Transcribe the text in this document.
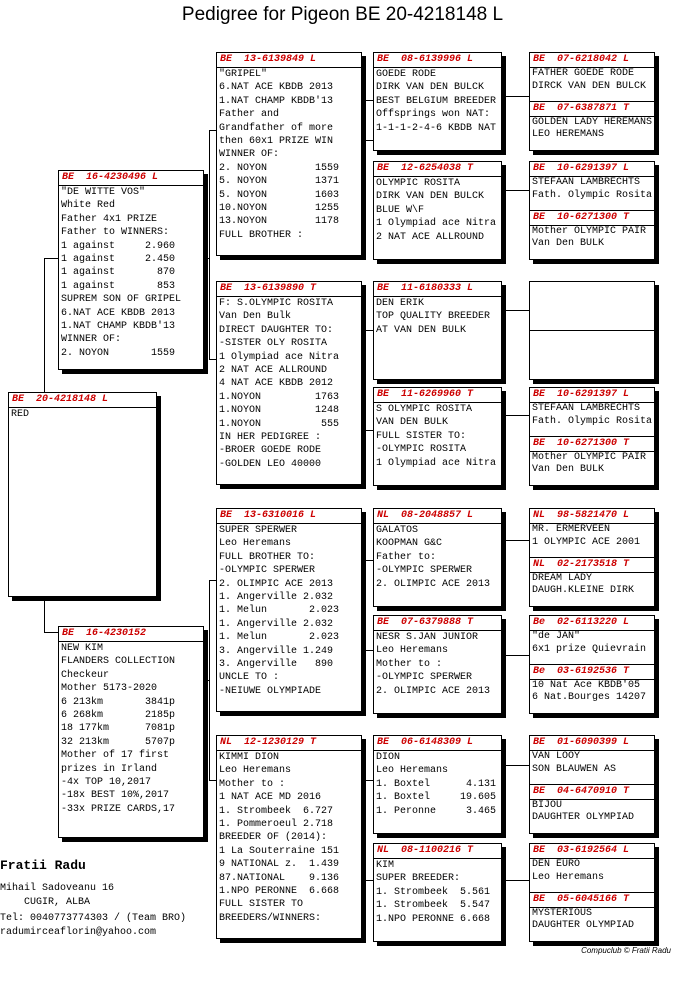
Pedigree for Pigeon BE 20-4218148 L
BE  20-4218148 L
RED
BE  16-4230496 L
"DE WITTE VOS"
White Red
Father 4x1 PRIZE
Father to WINNERS:
1 against     2.960
1 against     2.450
1 against       870
1 against       853
SUPREM SON OF GRIPEL
6.NAT ACE KBDB 2013
1.NAT CHAMP KBDB'13
WINNER OF:
2. NOYON       1559
BE  16-4230152
NEW KIM
FLANDERS COLLECTION
Checkeur
Mother 5173-2020
6 213km       3841p
6 268km       2185p
18 177km      7081p
32 213km      5707p
Mother of 17 first
prizes in Irland
-4x TOP 10,2017
-18x BEST 10%,2017
-33x PRIZE CARDS,17
BE  13-6139849 L
"GRIPEL"
6.NAT ACE KBDB 2013
1.NAT CHAMP KBDB'13
Father and
Grandfather of more
then 60x1 PRIZE WIN
WINNER OF:
2. NOYON        1559
5. NOYON        1371
5. NOYON        1603
10.NOYON        1255
13.NOYON        1178
FULL BROTHER :
BE  13-6139890 T
F: S.OLYMPIC ROSITA
Van Den Bulk
DIRECT DAUGHTER TO:
-SISTER OLY ROSITA
1 Olympiad ace Nitra
2 NAT ACE ALLROUND
4 NAT ACE KBDB 2012
1.NOYON         1763
1.NOYON         1248
1.NOYON          555
IN HER PEDIGREE :
-BROER GOEDE RODE
-GOLDEN LEO 40000
BE  13-6310016 L
SUPER SPERWER
Leo Heremans
FULL BROTHER TO:
-OLYMPIC SPERWER
2. OLIMPIC ACE 2013
1. Angerville 2.032
1. Melun       2.023
1. Angerville 2.032
1. Melun       2.023
3. Angerville 1.249
3. Angerville   890
UNCLE TO :
-NEIUWE OLYMPIADE
NL  12-1230129 T
KIMMI DION
Leo Heremans
Mother to :
1 NAT ACE MD 2016
1. Strombeek  6.727
1. Pommeroeul 2.718
BREEDER OF (2014):
1 La Souterraine 151
9 NATIONAL z.  1.439
87.NATIONAL    9.136
1.NPO PERONNE  6.668
FULL SISTER TO
BREEDERS/WINNERS:
BE  08-6139996 L
GOEDE RODE
DIRK VAN DEN BULCK
BEST BELGIUM BREEDER
Offsprings won NAT:
1-1-1-2-4-6 KBDB NAT
BE  12-6254038 T
OLYMPIC ROSITA
DIRK VAN DEN BULCK
BLUE W\F
1 Olympiad ace Nitra
2 NAT ACE ALLROUND
BE  11-6180333 L
DEN ERIK
TOP QUALITY BREEDER
AT VAN DEN BULK
BE  11-6269960 T
S OLYMPIC ROSITA
VAN DEN BULK
FULL SISTER TO:
-OLYMPIC ROSITA
1 Olympiad ace Nitra
NL  08-2048857 L
GALATOS
KOOPMAN G&C
Father to:
-OLYMPIC SPERWER
2. OLIMPIC ACE 2013
BE  07-6379888 T
NESR S.JAN JUNIOR
Leo Heremans
Mother to :
-OLYMPIC SPERWER
2. OLIMPIC ACE 2013
BE  06-6148309 L
DION
Leo Heremans
1. Boxtel      4.131
1. Boxtel     19.605
1. Peronne     3.465
NL  08-1100216 T
KIM
SUPER BREEDER:
1. Strombeek  5.561
1. Strombeek  5.547
1.NPO PERONNE 6.668
BE  07-6218042 L
FATHER GOEDE RODE
DIRCK VAN DEN BULCK
BE  07-6387871 T
GOLDEN LADY HEREMANS
LEO HEREMANS
BE  10-6291397 L
STEFAAN LAMBRECHTS
Fath. Olympic Rosita
BE  10-6271300 T
Mother OLYMPIC PAIR
Van Den BULK
BE  10-6291397 L
STEFAAN LAMBRECHTS
Fath. Olympic Rosita
BE  10-6271300 T
Mother OLYMPIC PAIR
Van Den BULK
NL  98-5821470 L
MR. ERMERVEEN
1 OLYMPIC ACE 2001
NL  02-2173518 T
DREAM LADY
DAUGH.KLEINE DIRK
Be  02-6113220 L
"de JAN"
6x1 prize Quievrain
Be  03-6192536 T
10 Nat Ace KBDB'05
6 Nat.Bourges 14207
BE  01-6090399 L
VAN LOOY
SON BLAUWEN AS
BE  04-6470910 T
BIJOU
DAUGHTER OLYMPIAD
BE  03-6192564 L
DEN EURO
Leo Heremans
BE  05-6045166 T
MYSTERIOUS
DAUGHTER OLYMPIAD
Fratii Radu
Mihail Sadoveanu 16
CUGIR, ALBA
Tel: 0040773774303 / (Team BRO)
radumirceaflorin@yahoo.com
Compuclub © Fratii Radu
